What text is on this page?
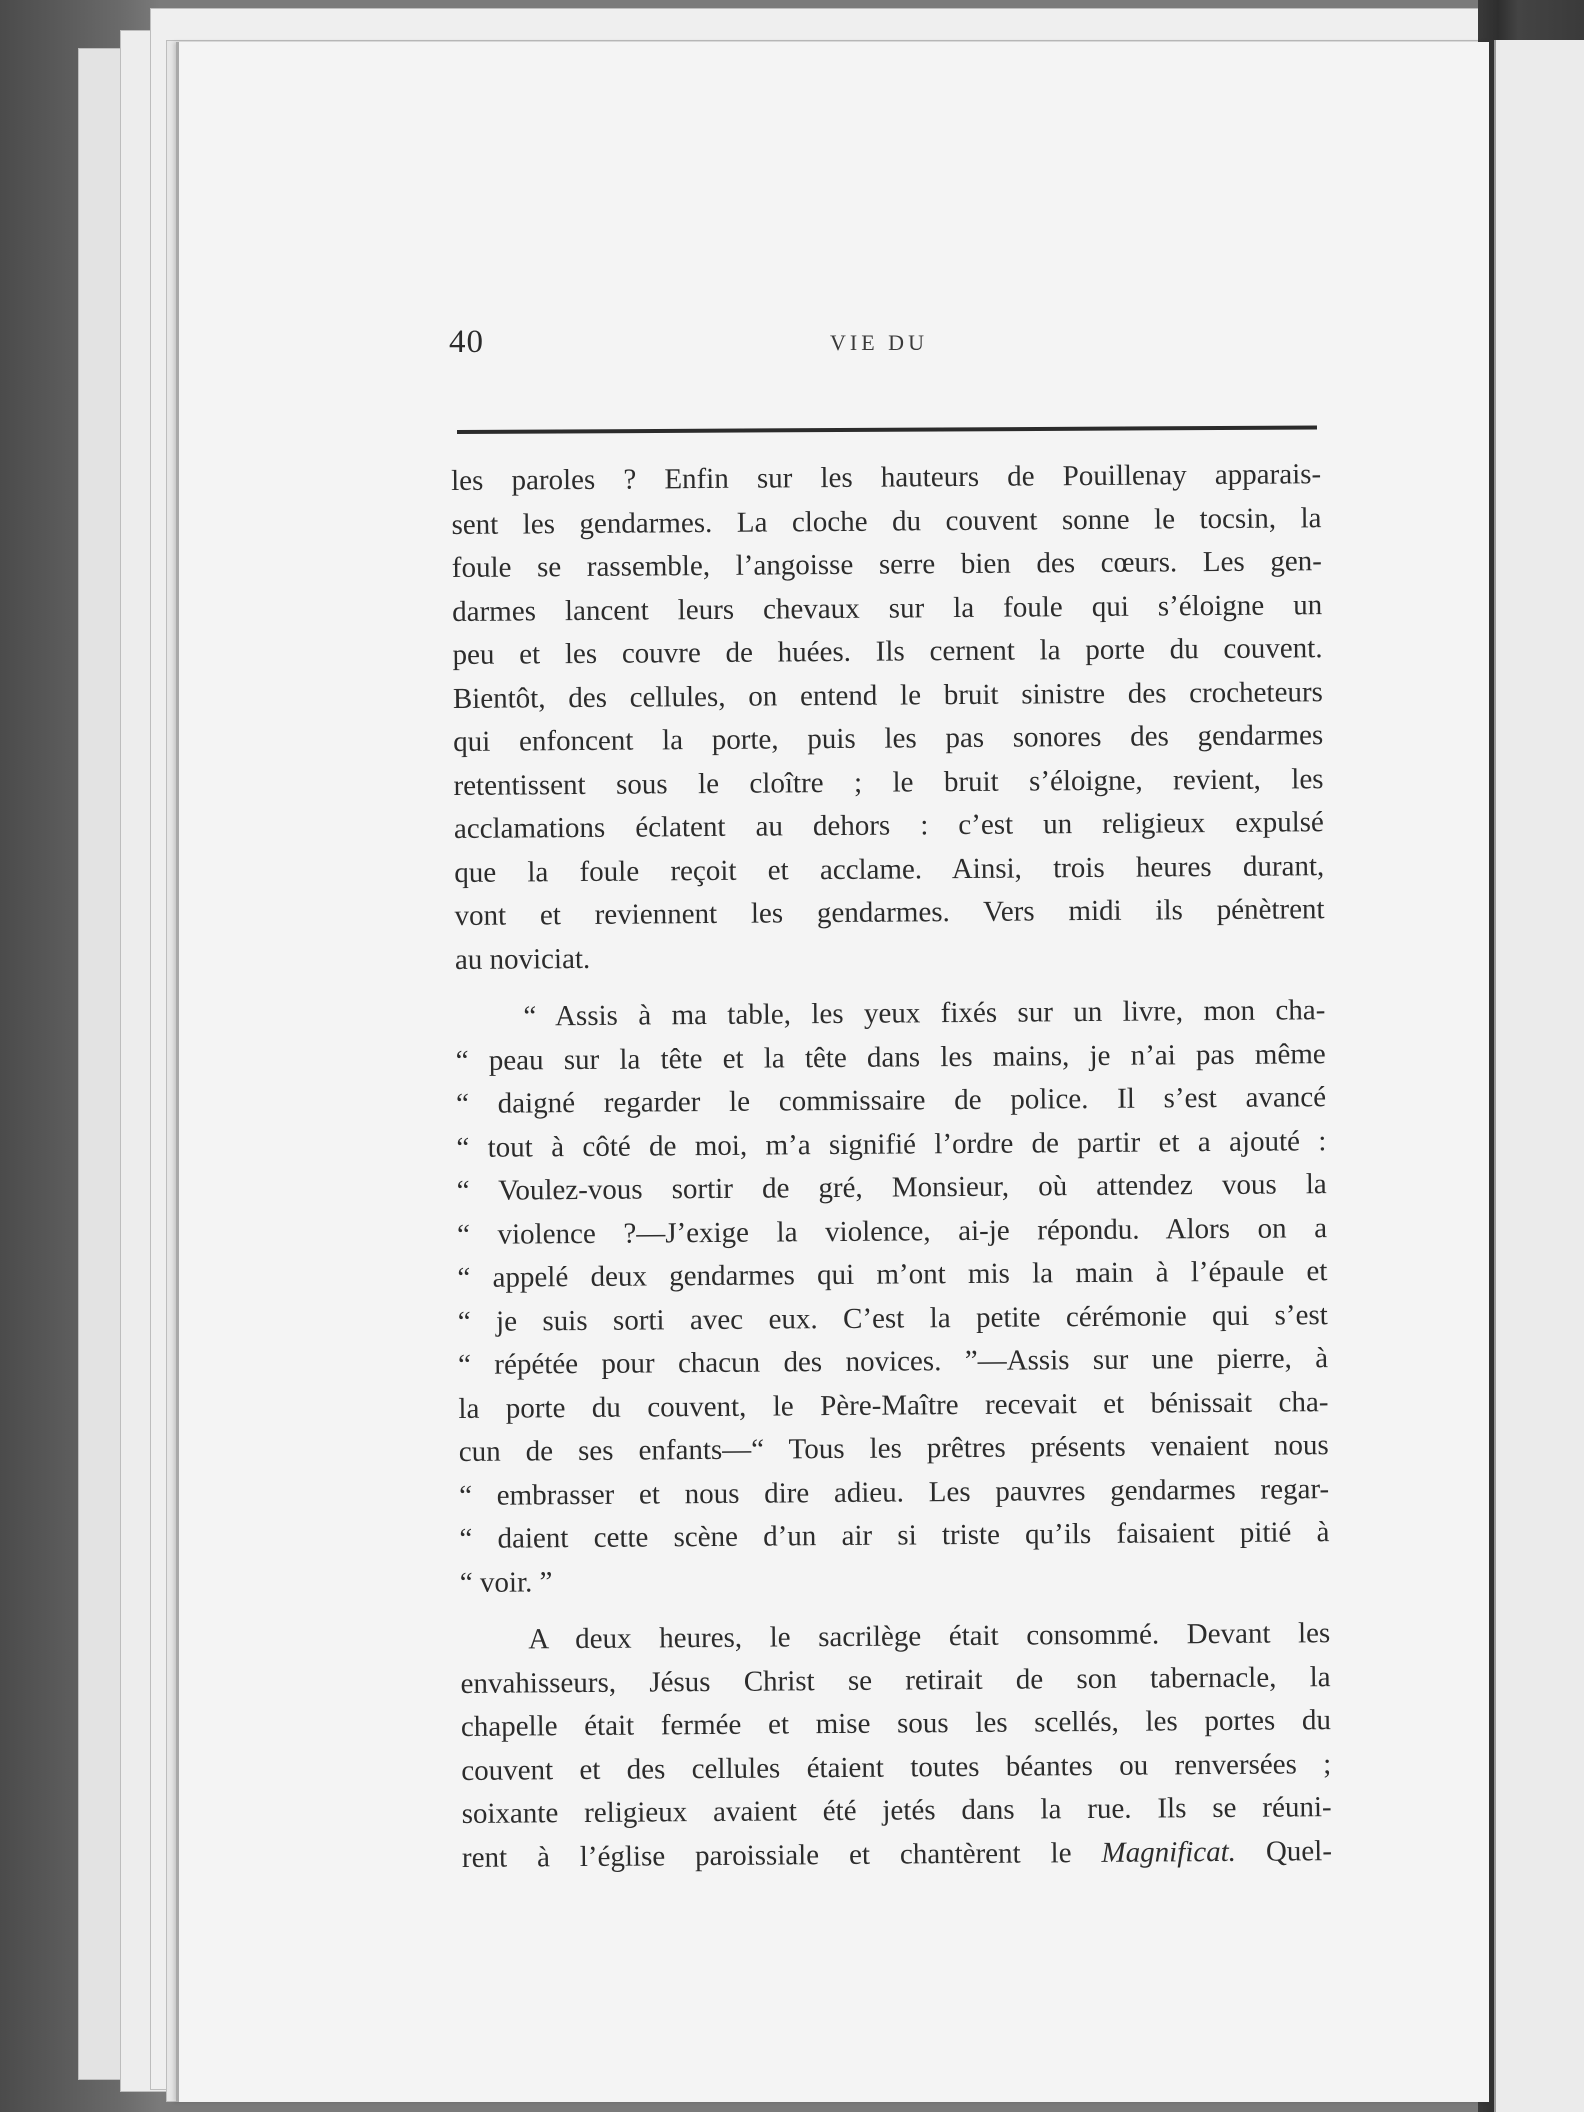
40	VIE DU
les paroles ? Enfin sur les hauteurs de Pouillenay apparais-
sent les gendarmes. La cloche du couvent sonne le tocsin, la
foule se rassemble, l’angoisse serre bien des cœurs. Les gen-
darmes lancent leurs chevaux sur la foule qui s’éloigne un
peu et les couvre de huées. Ils cernent la porte du couvent.
Bientôt, des cellules, on entend le bruit sinistre des crocheteurs
qui enfoncent la porte, puis les pas sonores des gendarmes
retentissent sous le cloître ; le bruit s’éloigne, revient, les
acclamations éclatent au dehors : c’est un religieux expulsé
que la foule reçoit et acclame. Ainsi, trois heures durant,
vont et reviennent les gendarmes. Vers midi ils pénètrent
au noviciat.
“ Assis à ma table, les yeux fixés sur un livre, mon cha-
“ peau sur la tête et la tête dans les mains, je n’ai pas même
“ daigné regarder le commissaire de police. Il s’est avancé
“ tout à côté de moi, m’a signifié l’ordre de partir et a ajouté :
“ Voulez-vous sortir de gré, Monsieur, où attendez vous la
“ violence ?—J’exige la violence, ai-je répondu. Alors on a
“ appelé deux gendarmes qui m’ont mis la main à l’épaule et
“ je suis sorti avec eux. C’est la petite cérémonie qui s’est
“ répétée pour chacun des novices. ”—Assis sur une pierre, à
la porte du couvent, le Père-Maître recevait et bénissait cha-
cun de ses enfants—“ Tous les prêtres présents venaient nous
“ embrasser et nous dire adieu. Les pauvres gendarmes regar-
“ daient cette scène d’un air si triste qu’ils faisaient pitié à
“ voir. ”
A deux heures, le sacrilège était consommé. Devant les
envahisseurs, Jésus Christ se retirait de son tabernacle, la
chapelle était fermée et mise sous les scellés, les portes du
couvent et des cellules étaient toutes béantes ou renversées ;
soixante religieux avaient été jetés dans la rue. Ils se réuni-
rent à l’église paroissiale et chantèrent le Magnificat. Quel-
